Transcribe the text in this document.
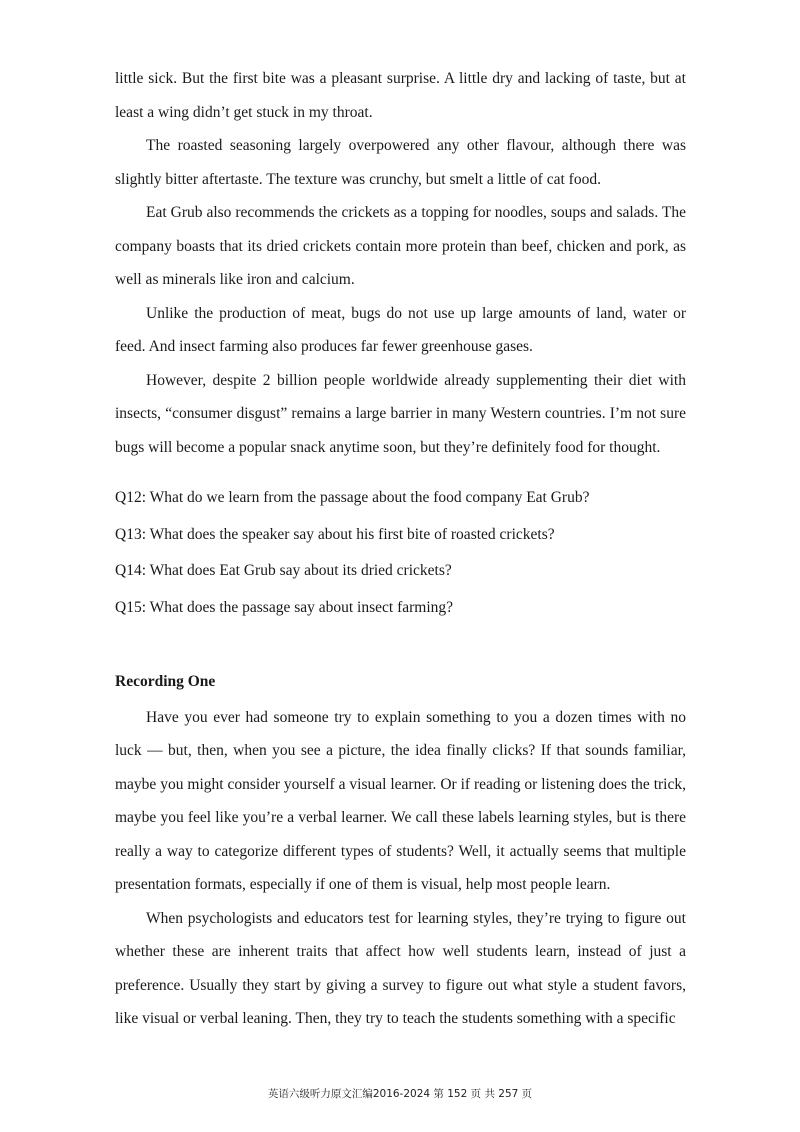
little sick. But the first bite was a pleasant surprise. A little dry and lacking of taste, but at least a wing didn’t get stuck in my throat.

The roasted seasoning largely overpowered any other flavour, although there was slightly bitter aftertaste. The texture was crunchy, but smelt a little of cat food.

Eat Grub also recommends the crickets as a topping for noodles, soups and salads. The company boasts that its dried crickets contain more protein than beef, chicken and pork, as well as minerals like iron and calcium.

Unlike the production of meat, bugs do not use up large amounts of land, water or feed. And insect farming also produces far fewer greenhouse gases.

However, despite 2 billion people worldwide already supplementing their diet with insects, “consumer disgust” remains a large barrier in many Western countries. I’m not sure bugs will become a popular snack anytime soon, but they’re definitely food for thought.

Q12: What do we learn from the passage about the food company Eat Grub?

Q13: What does the speaker say about his first bite of roasted crickets?

Q14: What does Eat Grub say about its dried crickets?

Q15: What does the passage say about insect farming?

Recording One

Have you ever had someone try to explain something to you a dozen times with no luck — but, then, when you see a picture, the idea finally clicks? If that sounds familiar, maybe you might consider yourself a visual learner. Or if reading or listening does the trick, maybe you feel like you’re a verbal learner. We call these labels learning styles, but is there really a way to categorize different types of students? Well, it actually seems that multiple presentation formats, especially if one of them is visual, help most people learn.

When psychologists and educators test for learning styles, they’re trying to figure out whether these are inherent traits that affect how well students learn, instead of just a preference. Usually they start by giving a survey to figure out what style a student favors, like visual or verbal leaning. Then, they try to teach the students something with a specific

英语六级听力原文汇编2016-2024 第 152 页 共 257 页
